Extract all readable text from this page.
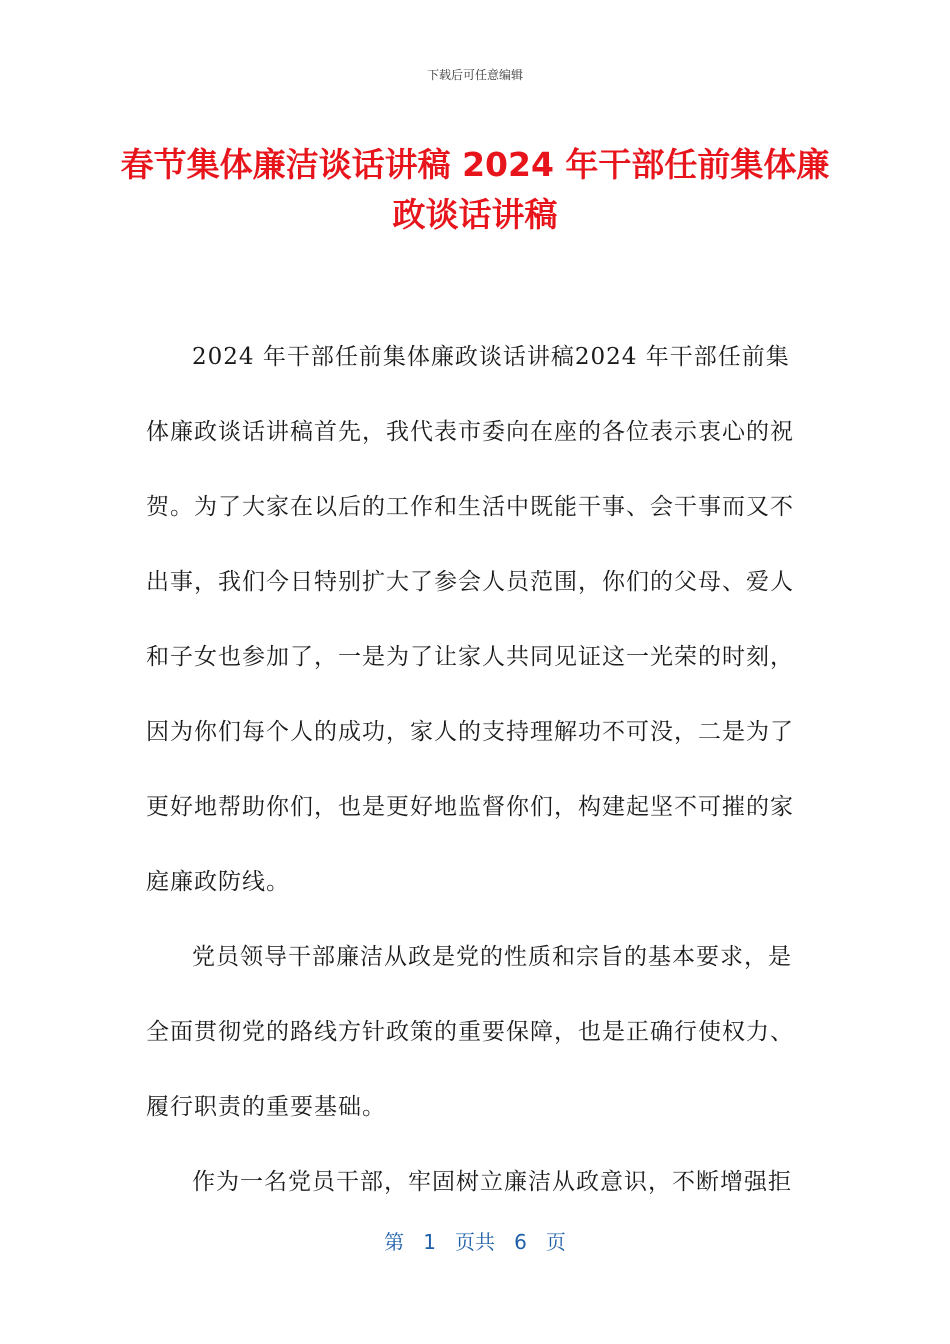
下载后可任意编辑
春节集体廉洁谈话讲稿 2024 年干部任前集体廉政谈话讲稿

2024 年干部任前集体廉政谈话讲稿2024 年干部任前集体廉政谈话讲稿首先，我代表市委向在座的各位表示衷心的祝贺。为了大家在以后的工作和生活中既能干事、会干事而又不出事，我们今日特别扩大了参会人员范围，你们的父母、爱人和子女也参加了，一是为了让家人共同见证这一光荣的时刻，因为你们每个人的成功，家人的支持理解功不可没，二是为了更好地帮助你们，也是更好地监督你们，构建起坚不可摧的家庭廉政防线。

党员领导干部廉洁从政是党的性质和宗旨的基本要求，是全面贯彻党的路线方针政策的重要保障，也是正确行使权力、履行职责的重要基础。

作为一名党员干部，牢固树立廉洁从政意识，不断增强拒

第 1 页共 6 页
